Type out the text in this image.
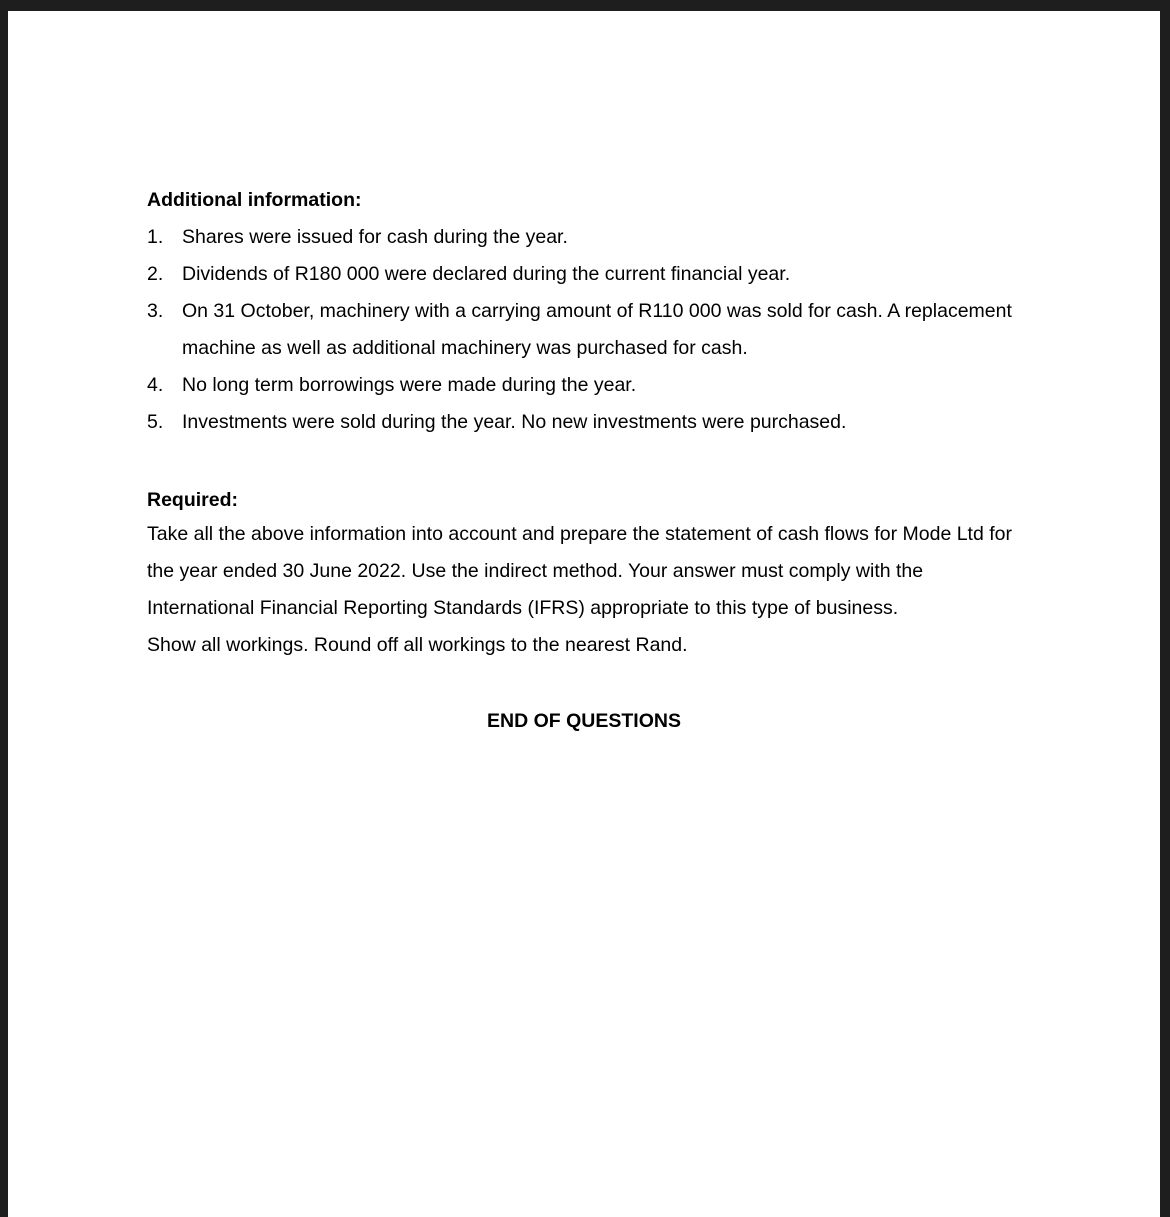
Additional information:

1. Shares were issued for cash during the year.
2. Dividends of R180 000 were declared during the current financial year.
3. On 31 October, machinery with a carrying amount of R110 000 was sold for cash. A replacement machine as well as additional machinery was purchased for cash.
4. No long term borrowings were made during the year.
5. Investments were sold during the year. No new investments were purchased.

Required:

Take all the above information into account and prepare the statement of cash flows for Mode Ltd for the year ended 30 June 2022. Use the indirect method. Your answer must comply with the International Financial Reporting Standards (IFRS) appropriate to this type of business.

Show all workings. Round off all workings to the nearest Rand.

END OF QUESTIONS
